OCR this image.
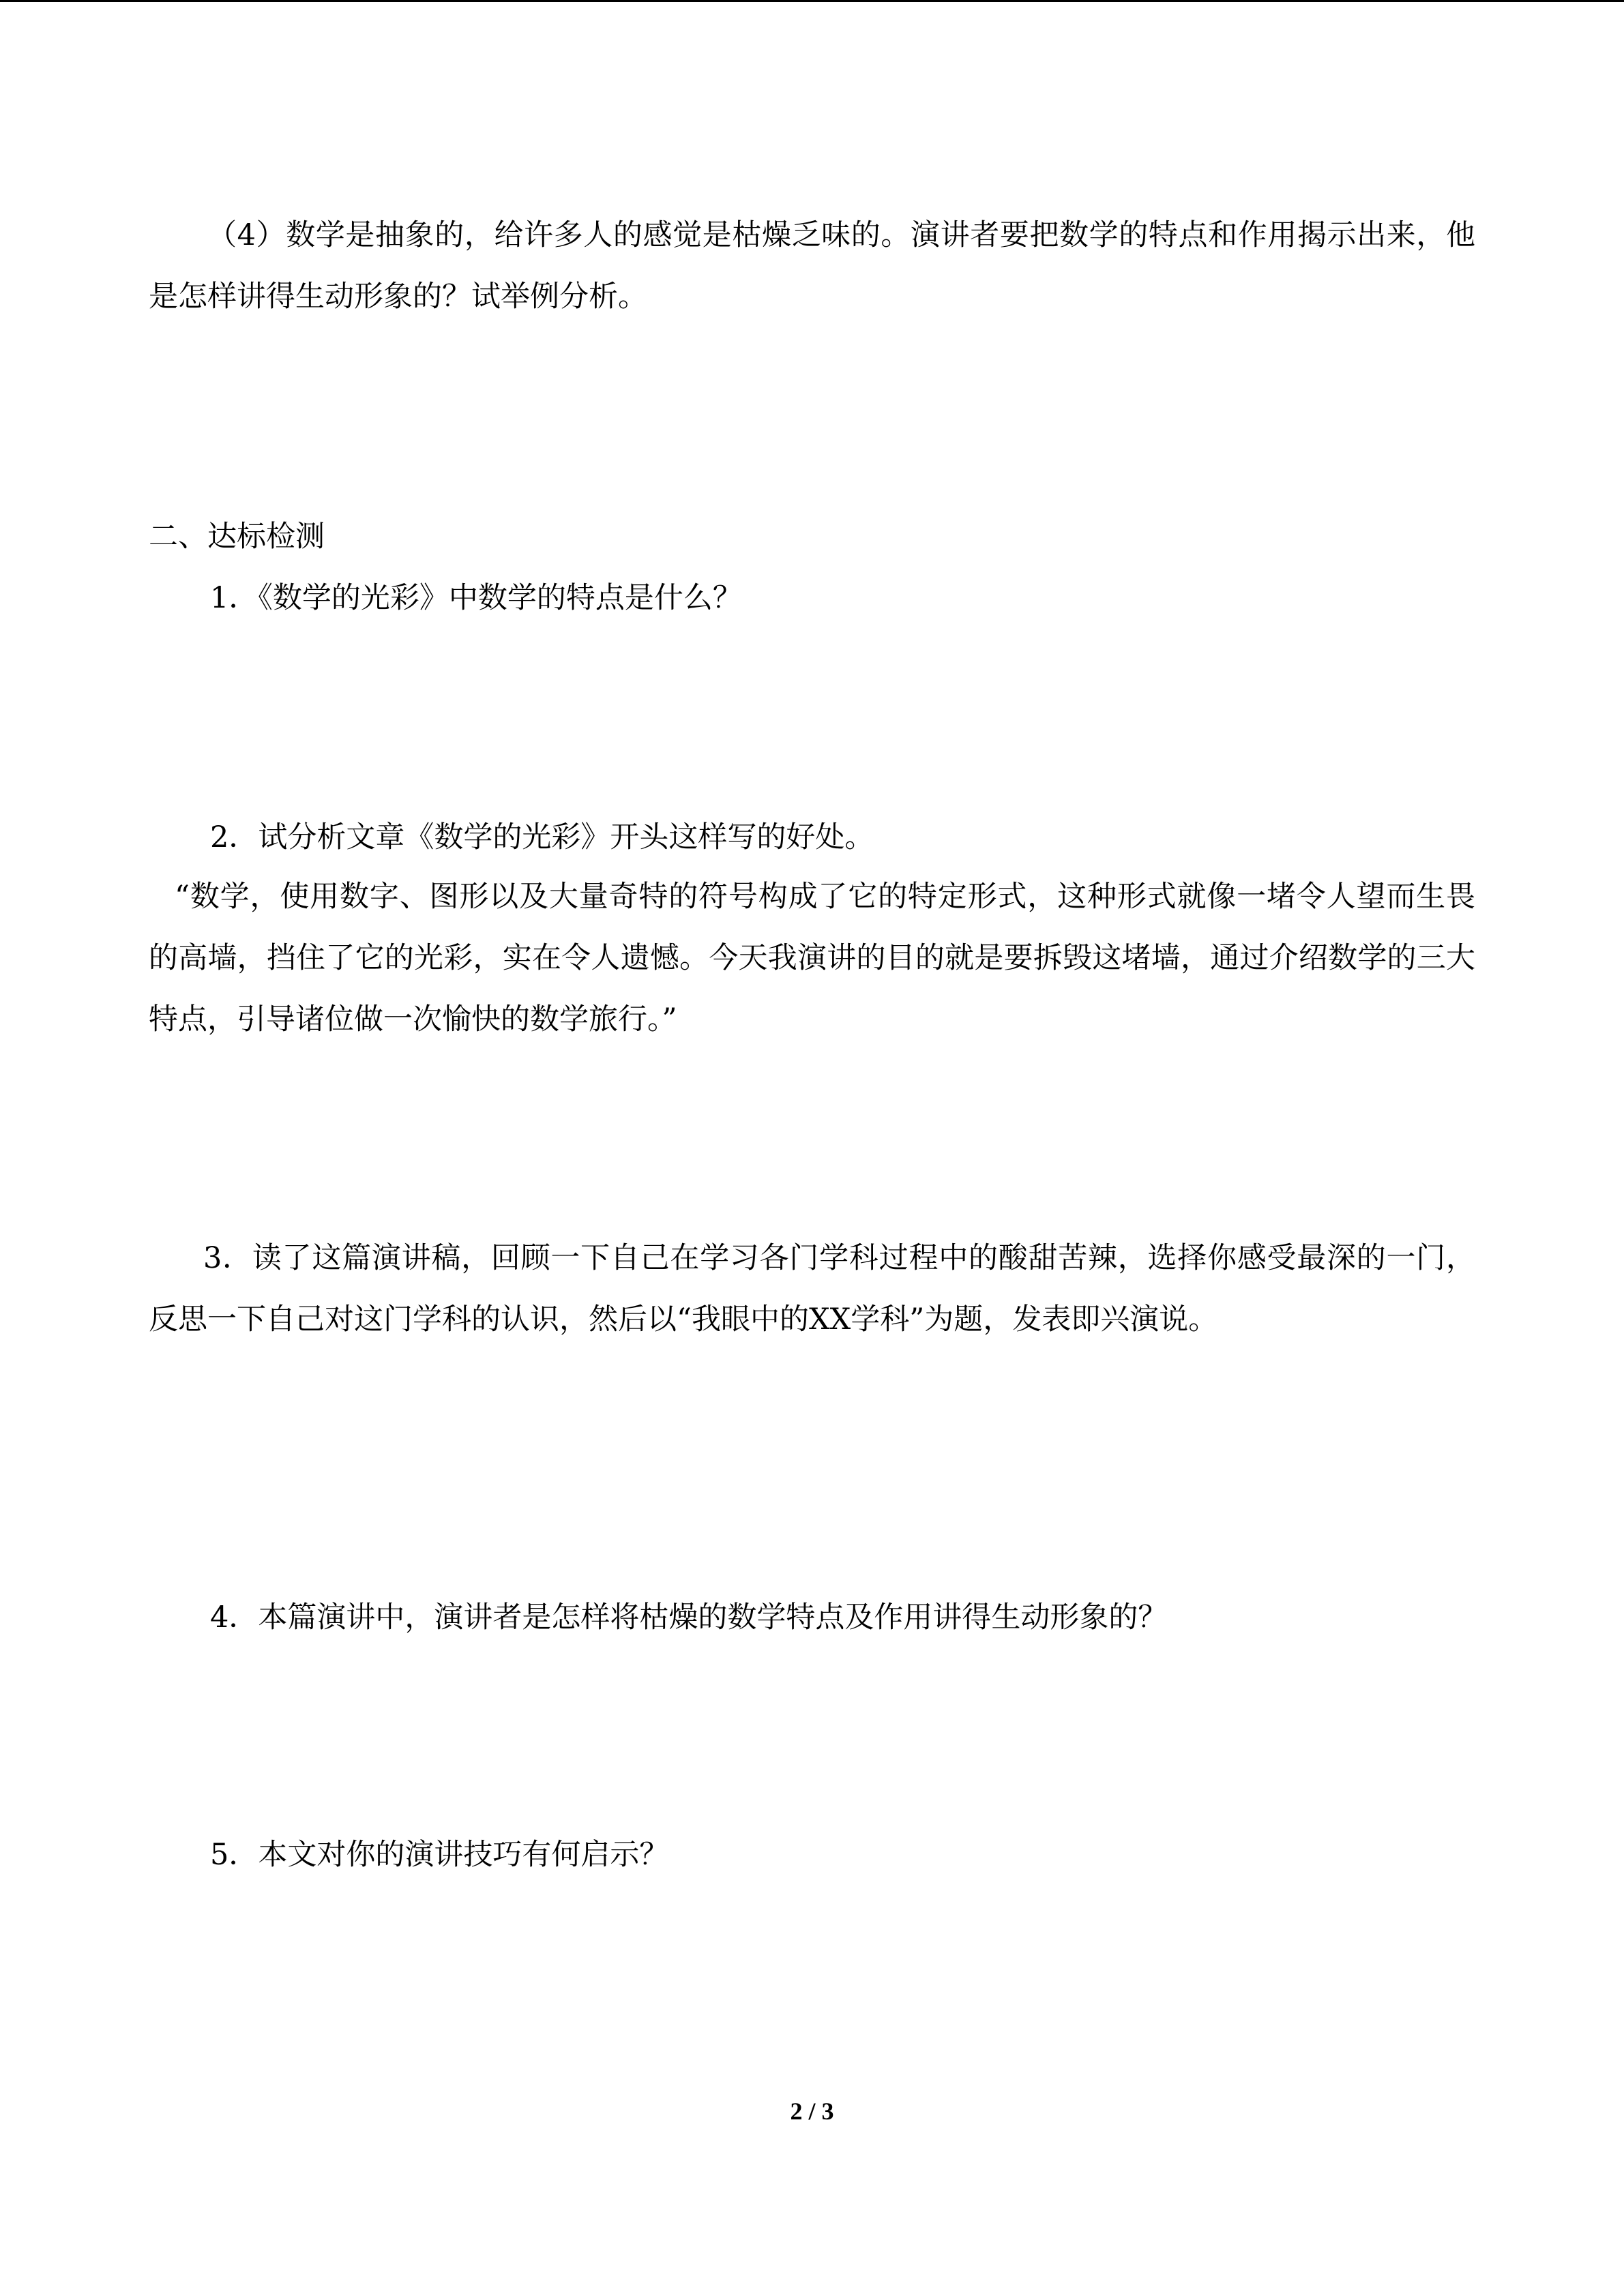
（4）数学是抽象的，给许多人的感觉是枯燥乏味的。演讲者要把数学的特点和作用揭示出来，他是怎样讲得生动形象的？试举例分析。

二、达标检测

1．《数学的光彩》中数学的特点是什么？

2．试分析文章《数学的光彩》开头这样写的好处。

“数学，使用数字、图形以及大量奇特的符号构成了它的特定形式，这种形式就像一堵令人望而生畏的高墙，挡住了它的光彩，实在令人遗憾。今天我演讲的目的就是要拆毁这堵墙，通过介绍数学的三大特点，引导诸位做一次愉快的数学旅行。”

3．读了这篇演讲稿，回顾一下自己在学习各门学科过程中的酸甜苦辣，选择你感受最深的一门，反思一下自己对这门学科的认识，然后以“我眼中的XX学科”为题，发表即兴演说。

4．本篇演讲中，演讲者是怎样将枯燥的数学特点及作用讲得生动形象的？

5．本文对你的演讲技巧有何启示？

2 / 3
